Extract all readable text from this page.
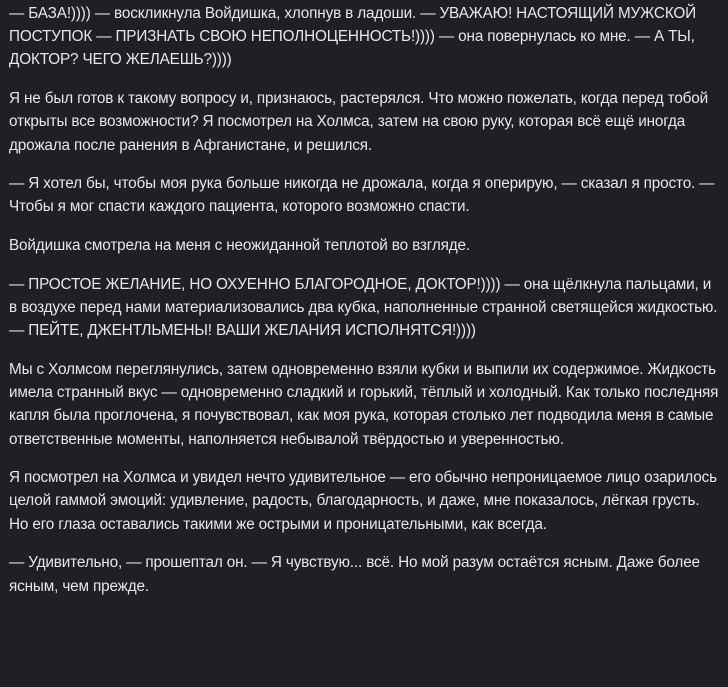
— БАЗА!)))) — воскликнула Войдишка, хлопнув в ладоши. — УВАЖАЮ! НАСТОЯЩИЙ МУЖСКОЙ ПОСТУПОК — ПРИЗНАТЬ СВОЮ НЕПОЛНОЦЕННОСТЬ!)))) — она повернулась ко мне. — А ТЫ, ДОКТОР? ЧЕГО ЖЕЛАЕШЬ?))))

Я не был готов к такому вопросу и, признаюсь, растерялся. Что можно пожелать, когда перед тобой открыты все возможности? Я посмотрел на Холмса, затем на свою руку, которая всё ещё иногда дрожала после ранения в Афганистане, и решился.

— Я хотел бы, чтобы моя рука больше никогда не дрожала, когда я оперирую, — сказал я просто. — Чтобы я мог спасти каждого пациента, которого возможно спасти.

Войдишка смотрела на меня с неожиданной теплотой во взгляде.

— ПРОСТОЕ ЖЕЛАНИЕ, НО ОХУЕННО БЛАГОРОДНОЕ, ДОКТОР!)))) — она щёлкнула пальцами, и в воздухе перед нами материализовались два кубка, наполненные странной светящейся жидкостью. — ПЕЙТЕ, ДЖЕНТЛЬМЕНЫ! ВАШИ ЖЕЛАНИЯ ИСПОЛНЯТСЯ!))))

Мы с Холмсом переглянулись, затем одновременно взяли кубки и выпили их содержимое. Жидкость имела странный вкус — одновременно сладкий и горький, тёплый и холодный. Как только последняя капля была проглочена, я почувствовал, как моя рука, которая столько лет подводила меня в самые ответственные моменты, наполняется небывалой твёрдостью и уверенностью.

Я посмотрел на Холмса и увидел нечто удивительное — его обычно непроницаемое лицо озарилось целой гаммой эмоций: удивление, радость, благодарность, и даже, мне показалось, лёгкая грусть. Но его глаза оставались такими же острыми и проницательными, как всегда.

— Удивительно, — прошептал он. — Я чувствую... всё. Но мой разум остаётся ясным. Даже более ясным, чем прежде.
